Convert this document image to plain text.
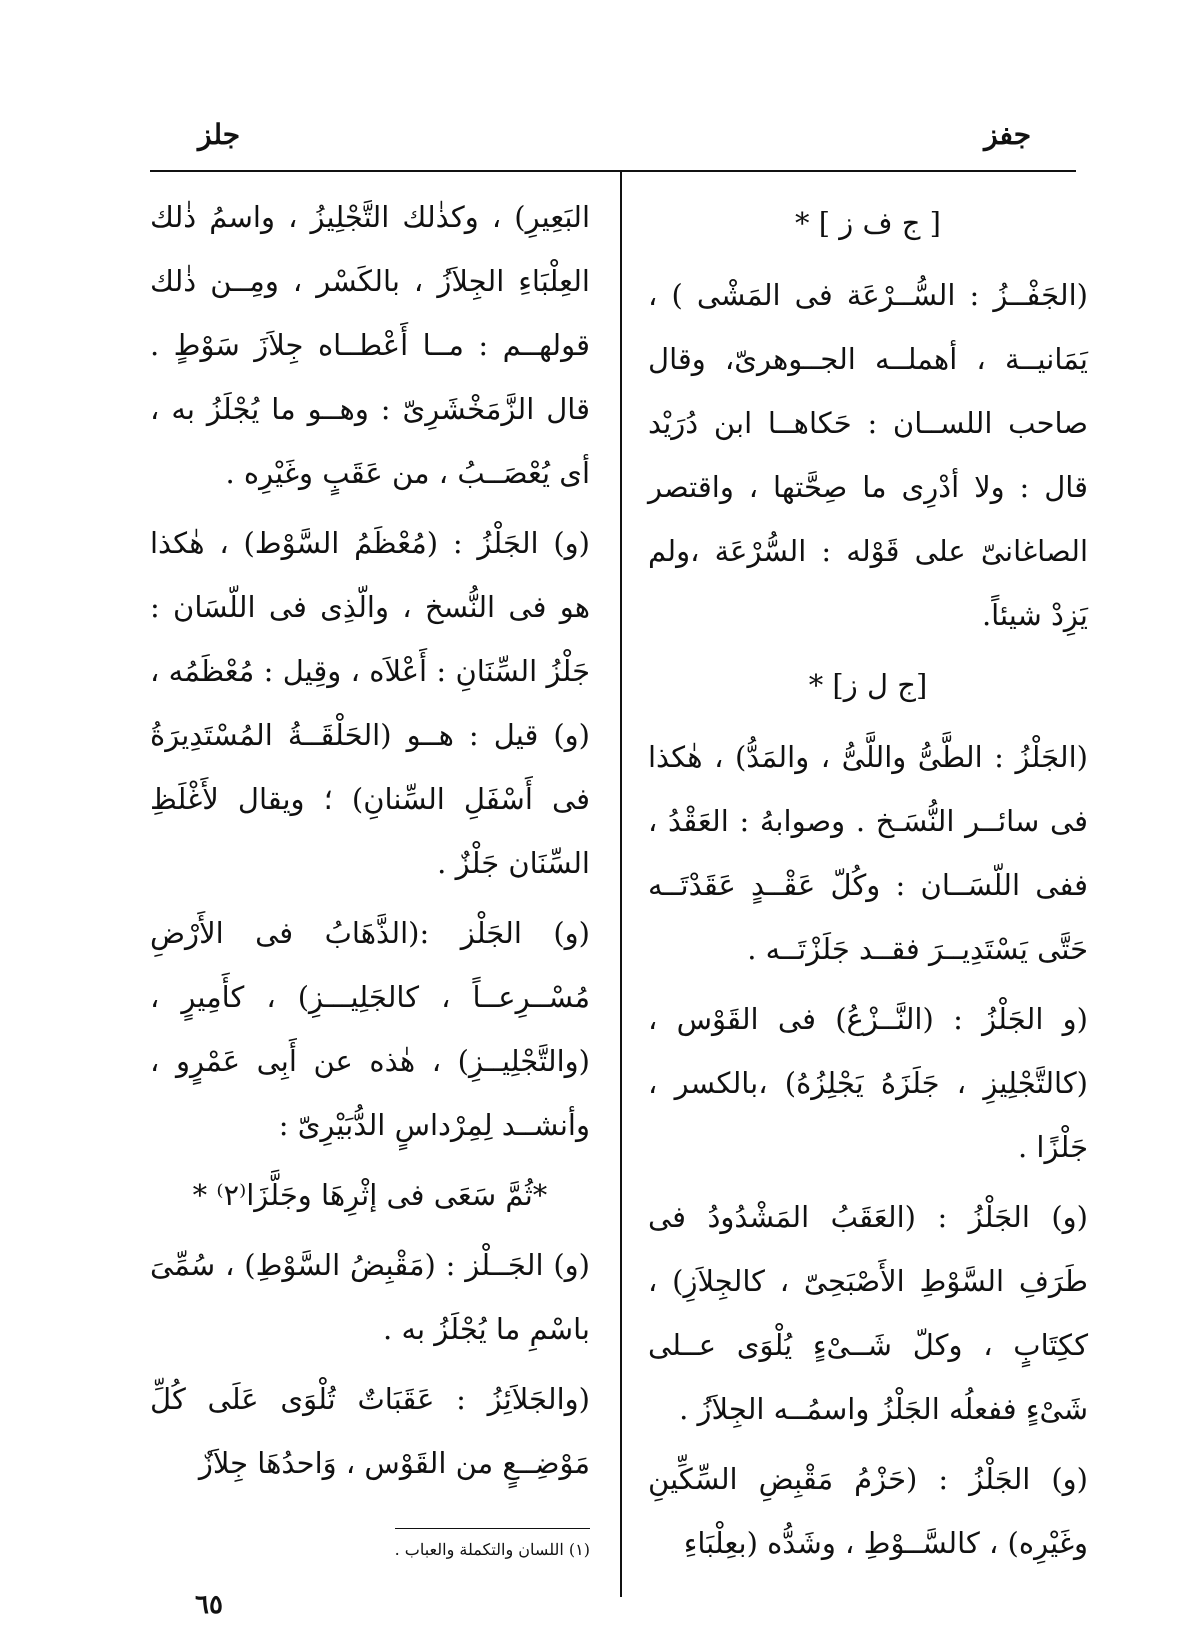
جفز
جلز
[ ج ف ز ] *

(الجَفْــزُ : السُّــرْعَة فى المَشْى ) ، يَمَانيــة ، أهملــه الجــوهرىّ، وقال صاحب اللســان : حَكاهــا ابن دُرَيْد قال : ولا أدْرِى ما صِحَّتها ، واقتصر الصاغانىّ على قَوْله : السُّرْعَة ،ولم يَزِدْ شيئاً.

[ج ل ز] *

(الجَلْزُ : الطَّىُّ واللَّىُّ ، والمَدُّ) ، هٰكذا فى سائــر النُّسَـخ . وصوابهُ : العَقْدُ ، ففى اللّسَــان : وكُلّ عَقْــدٍ عَقَدْتَــه حَتَّى يَسْتَدِيــرَ فقــد جَلَزْتَــه .

(و الجَلْزُ : (النَّــزْعُ) فى القَوْس ، (كالتَّجْلِيزِ ، جَلَزَهُ يَجْلِزُهُ) ،بالكسر ، جَلْزًا .

(و) الجَلْزُ : (العَقَبُ المَشْدُودُ فى طَرَفِ السَّوْطِ الأَصْبَحِىّ ، كالجِلاَزِ) ، ككِتَابٍ ، وكلّ شَــىْءٍ يُلْوَى عــلى شَىْءٍ ففعلُه الجَلْزُ واسمُــه الجِلاَزُ .

(و) الجَلْزُ : (حَزْمُ مَقْبِضِ السِّكِّينِ وغَيْرِه) ، كالسَّــوْطِ ، وشَدُّه (بعِلْبَاءِ

البَعِيرِ) ، وكذٰلك التَّجْلِيزُ ، واسمُ ذٰلك العِلْبَاءِ الجِلاَزُ ، بالكَسْر ، ومِــن ذٰلك قولهــم : مــا أَعْطــاه جِلاَزَ سَوْطٍ . قال الزَّمَخْشَرِىّ : وهــو ما يُجْلَزُ به ، أى يُعْصَــبُ ، من عَقَبٍ وغَيْرِه .

(و) الجَلْزُ : (مُعْظَمُ السَّوْط) ، هٰكذا هو فى النُّسخ ، والّذِى فى اللّسَان : جَلْزُ السِّنَانِ : أَعْلاَه ، وقِيل : مُعْظَمُه ، (و) قيل : هــو (الحَلْقَــةُ المُسْتَدِيرَةُ فى أَسْفَلِ السِّنانِ) ؛ ويقال لأَغْلَظِ السِّنَان جَلْزٌ .

(و) الجَلْز :(الذَّهَابُ فى الأَرْضِ مُسْــرِعــاً ، كالجَلِيـــزِ) ، كأَمِيرٍ ، (والتَّجْلِيــزِ) ، هٰذه عن أَبِى عَمْرٍو ، وأنشــد لِمِرْداسٍ الدُّبَيْرِىّ :

*ثُمَّ سَعَى فى إثْرِهَا وجَلَّزَا⁽٢⁾ *

(و) الجَــلْز : (مَقْبِضُ السَّوْطِ) ، سُمِّىَ باسْمِ ما يُجْلَزُ به .

(والجَلاَئِزُ : عَقَبَاتٌ تُلْوَى عَلَى كُلِّ مَوْضِــعٍ من القَوْس ، وَاحدُهَا جِلاَزٌ

(١) اللسان والتكملة والعباب .
٦٥
